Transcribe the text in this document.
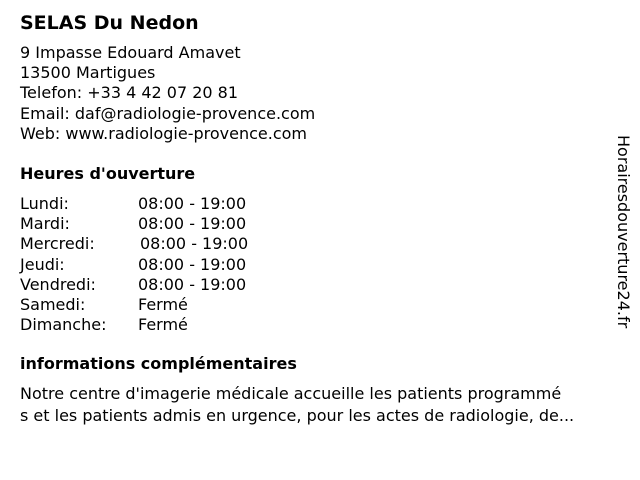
SELAS Du Nedon
9 Impasse Edouard Amavet
13500 Martigues
Telefon: +33 4 42 07 20 81
Email: daf@radiologie-provence.com
Web: www.radiologie-provence.com
Heures d'ouverture
Lundi:	08:00 - 19:00
Mardi:	08:00 - 19:00
Mercredi:	08:00 - 19:00
Jeudi:	08:00 - 19:00
Vendredi:	08:00 - 19:00
Samedi:	Fermé
Dimanche: Fermé
informations complémentaires
Notre centre d'imagerie médicale accueille les patients programmé
s et les patients admis en urgence, pour les actes de radiologie, de...
Horairesdouverture24.fr
